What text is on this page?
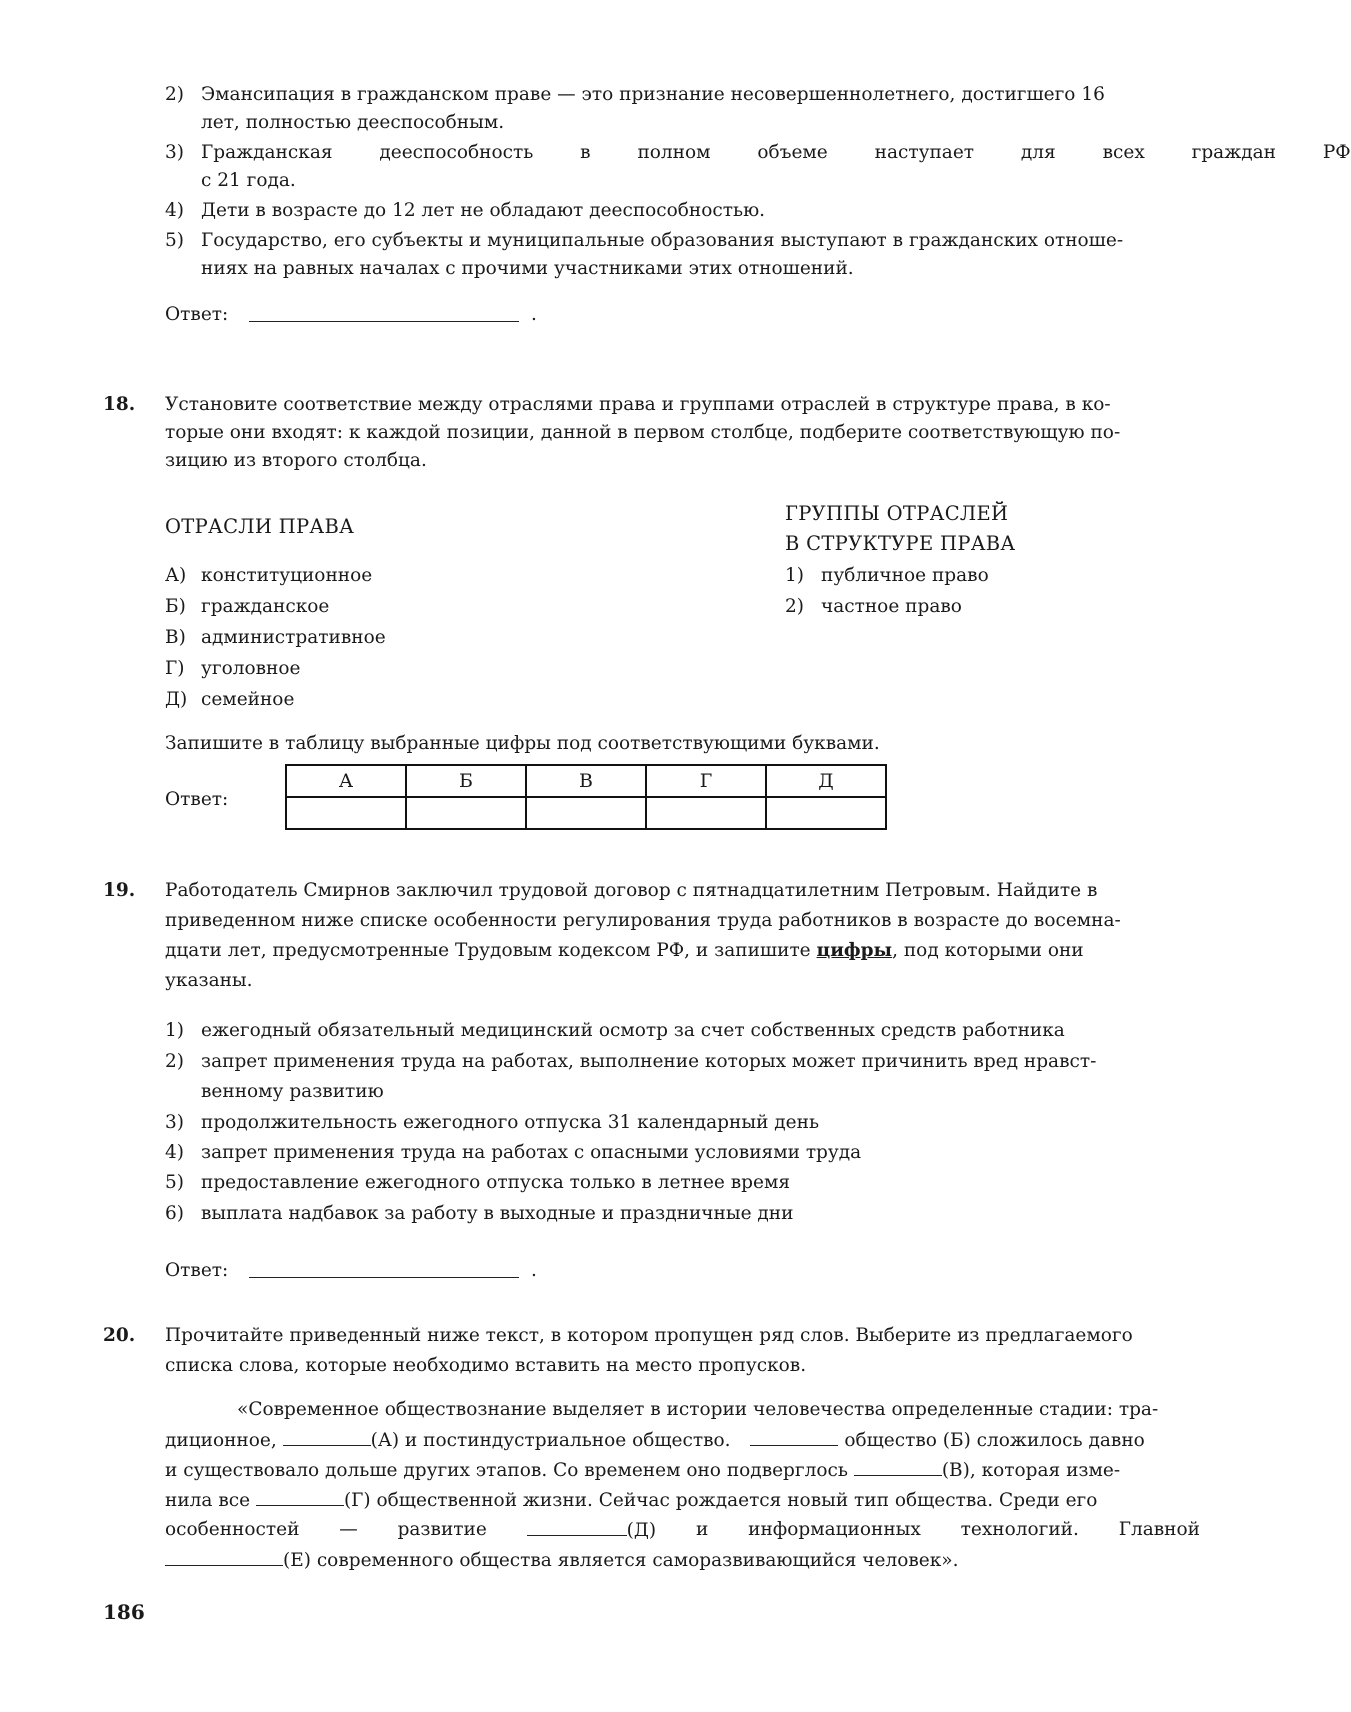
2) Эмансипация в гражданском праве — это признание несовершеннолетнего, достигшего 16
лет, полностью дееспособным.
3) Гражданская дееспособность в полном объеме наступает для всех граждан РФ
с 21 года.
4) Дети в возрасте до 12 лет не обладают дееспособностью.
5) Государство, его субъекты и муниципальные образования выступают в гражданских отноше-
ниях на равных началах с прочими участниками этих отношений.
Ответ:	.
18. Установите соответствие между отраслями права и группами отраслей в структуре права, в ко-
торые они входят: к каждой позиции, данной в первом столбце, подберите соответствующую по-
зицию из второго столбца.
ОТРАСЛИ ПРАВА
ГРУППЫ ОТРАСЛЕЙ
В СТРУКТУРЕ ПРАВА
А) конституционное
Б) гражданское
В) административное
Г) уголовное
Д) семейное
1) публичное право
2) частное право
Запишите в таблицу выбранные цифры под соответствующими буквами.
Ответ:
А	Б	В	Г	Д

19. Работодатель Смирнов заключил трудовой договор с пятнадцатилетним Петровым. Найдите в
приведенном ниже списке особенности регулирования труда работников в возрасте до восемна-
дцати лет, предусмотренные Трудовым кодексом РФ, и запишите цифры, под которыми они
указаны.
1) ежегодный обязательный медицинский осмотр за счет собственных средств работника
2) запрет применения труда на работах, выполнение которых может причинить вред нравст-
венному развитию
3) продолжительность ежегодного отпуска 31 календарный день
4) запрет применения труда на работах с опасными условиями труда
5) предоставление ежегодного отпуска только в летнее время
6) выплата надбавок за работу в выходные и праздничные дни
Ответ:	.
20. Прочитайте приведенный ниже текст, в котором пропущен ряд слов. Выберите из предлагаемого
списка слова, которые необходимо вставить на место пропусков.
«Современное обществознание выделяет в истории человечества определенные стадии: тра-
диционное,	(А) и постиндустриальное общество.	общество (Б) сложилось давно
и существовало дольше других этапов. Со временем оно подверглось	(В), которая изме-
нила все	(Г) общественной жизни. Сейчас рождается новый тип общества. Среди его
особенностей — развитие	(Д) и информационных технологий. Главной
(Е) современного общества является саморазвивающийся человек».
186
